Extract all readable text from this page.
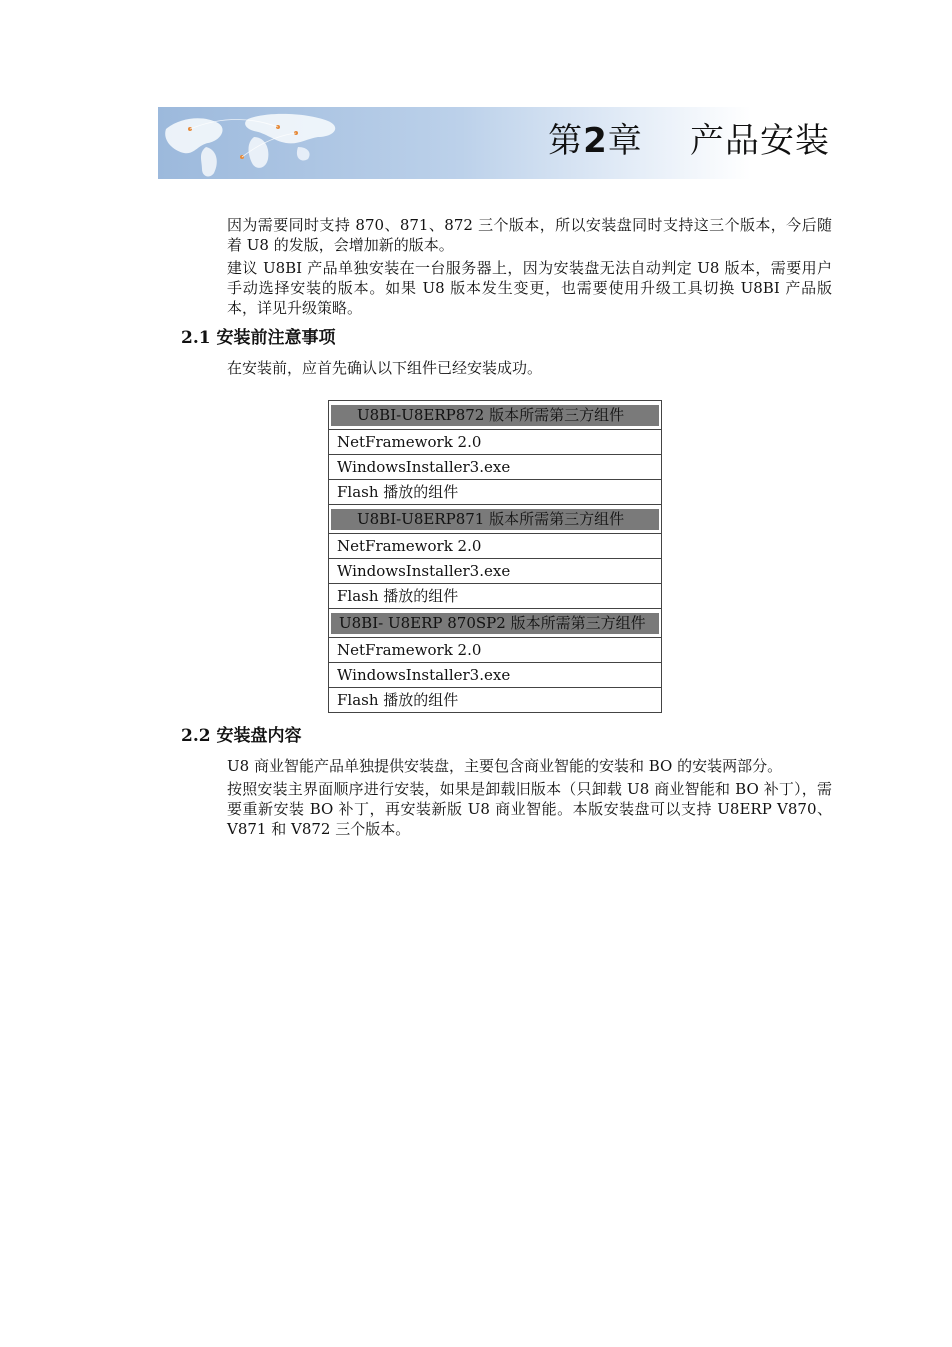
第2章 产品安装

因为需要同时支持 870、871、872 三个版本，所以安装盘同时支持这三个版本，今后随着 U8 的发版，会增加新的版本。

建议 U8BI 产品单独安装在一台服务器上，因为安装盘无法自动判定 U8 版本，需要用户手动选择安装的版本。如果 U8 版本发生变更，也需要使用升级工具切换 U8BI 产品版本，详见升级策略。

2.1 安装前注意事项

在安装前，应首先确认以下组件已经安装成功。

U8BI-U8ERP872 版本所需第三方组件

NetFramework 2.0
WindowsInstaller3.exe
Flash 播放的组件

U8BI-U8ERP871 版本所需第三方组件

NetFramework 2.0
WindowsInstaller3.exe
Flash 播放的组件

U8BI- U8ERP 870SP2 版本所需第三方组件

NetFramework 2.0
WindowsInstaller3.exe
Flash 播放的组件
2.2 安装盘内容

U8 商业智能产品单独提供安装盘，主要包含商业智能的安装和 BO 的安装两部分。

按照安装主界面顺序进行安装，如果是卸载旧版本（只卸载 U8 商业智能和 BO 补丁），需要重新安装 BO 补丁，再安装新版 U8 商业智能。本版安装盘可以支持 U8ERP V870、V871 和 V872 三个版本。
